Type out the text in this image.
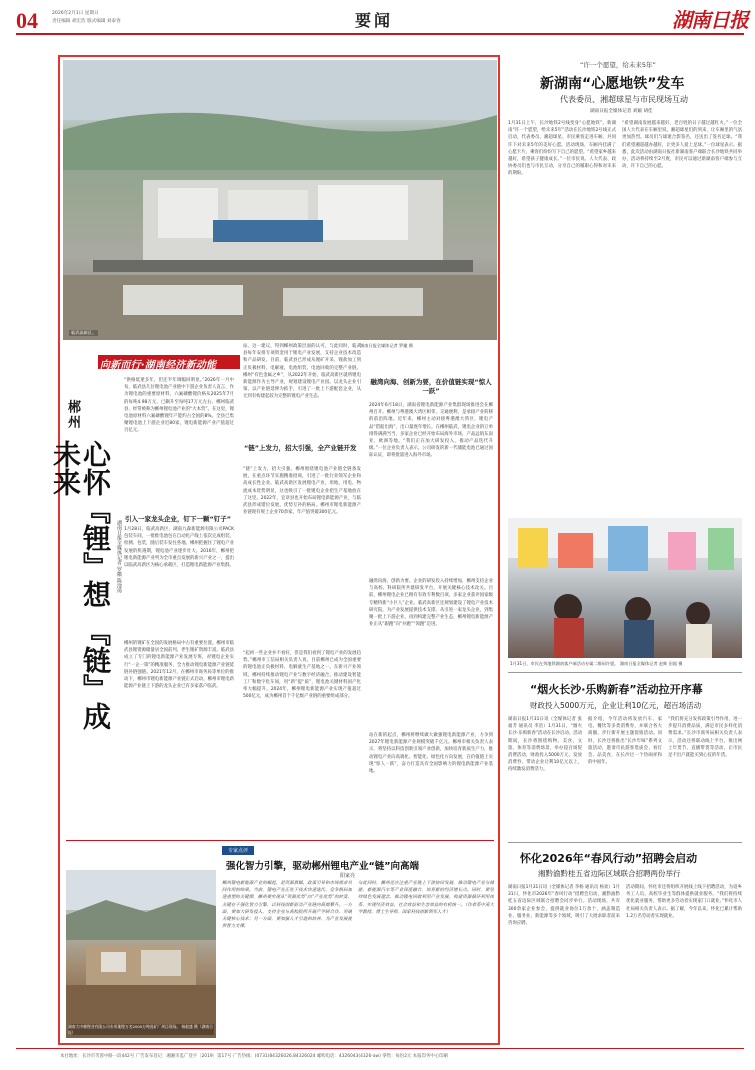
04	2026年2月1日 星期日
责任编辑 胡宏浩 版式编辑 刘泰春	要闻	湖南日报
临武高新区。
湖南日报全媒体记者 罗徽 摄
向新而行·湖南经济新动能
郴州
心怀『锂』想 『链』成未来
湖南日报全媒体记者 罗徽 陈淦璋

“供格低迷多年，但还半年调幅回明显。”2026年一月中旬，临武县几位锂电池产业链中下游企业负责人直言，作为锂电池的重要原材料，六氟磷酸锂价格从2025年7月的每吨4.98万元，已飙升至每吨17万元左右。郴州临武县，经常被称为郴州锂电池产业的“大本营”。在这里，锂电池原材料六氟磷酸锂年产能约占全国的8%。全县已集聚锂电池上下游企业近80家，锂电新能源产业产值超过百亿元。

引入一家龙头企业，钉下一颗“钉子”

1月28日，临武高新区，湖南九森新能源有限公司PACK包装车间，一批批电池包在自动化产线上依次完成组装、检测、包装，随后装车发往各地。郴州把握住了锂电产业发展的机遇期，锂电池产业逐步壮大。2016年，郴州把锂电新能源产业列为全市重点发展的新兴产业之一，提出以临武高新区为核心承载区，打造锂电新能源产业集群。

郴州的锂矿在全国的发展格局中占有重要位置。郴州市临武县锂资源储量居全国前列，伴生锂矿资源丰富。临武县成立了专门的锂电新能源产业发展专班，对锂电企业实行“一企一策”的精准服务，全力推动锂电新能源产业链延链补链强链。2021年12月，在郴州市商务局等单位的推动下，郴州市锂电新能源产业链正式启动，郴州市锂电新能源产业链上下游的龙头企业已有多家落户临武。

站、这一建议，得到郴州政策层面的认可。与此同时，临武县每年安排专项资金用于锂电产业发展，支持企业技术改造和产品研发。目前，临武县已形成从锂矿开采、锂盐加工到正负极材料、电解液、电池组装、电池回收的完整产业链。郴州“有色金属之乡”，从2022年开始，临武高新区就将锂电新能源作为主导产业，规划建设锂电产业园。以龙头企业引领、以产业链延伸为抓手，引进了一批上下游配套企业，从无到有构建起较为完整的锂电产业生态。

“链”上发力，招大引强，全产业链开发

“链”上发力，招大引强。郴州围绕锂电池产业链全链条发展，在重点环节实施精准招商，引进了一批行业领军企业和高成长性企业。临武高新区发展锂电产业，用地、用电、物流成本优势明显，这也吸引了一批锂电企业把生产基地放在了这里。2022年，宜章县也开始布局锂电新能源产业，与临武县形成错位发展、优势互补的格局。郴州市锂电新能源产业链现有规上企业70余家，年产值突破300亿元。

“起初一些企业并不看好，但是我们看到了锂电产业的发展趋势。”郴州市工信局相关负责人说，目前郴州已成为全国重要的锂电池正负极材料、电解液生产基地之一。在新兴产业领域，郴州持续推动锂电产业与数字经济融合，推动建设智能工厂和数字化车间，用“新”提“质”，锂电池关键材料国产化率大幅提升。2024年，郴州锂电新能源产业实现产值超过500亿元，成为郴州首个千亿级产业链的重要组成部分。

融湾向海、创新为要，在价值链实现“惊人一跃”

2024年6月18日，湖南省锂电新能源产业集群现场推进会在郴州召开。郴州与粤港澳大湾区相邻，交通便利，是承接产业转移的前沿阵地。近年来，郴州主动对接粤港澳大湾区，锂电产品“借船出海”，出口量逐年增长。在郴州临武，锂电企业的订单排得满满当当，多家企业已经开始布局海外市场，产品远销东南亚、欧洲等地。“我们正在加大研发投入，推动产品迭代升级。”一位企业负责人表示，公司研发的新一代储能电池已通过国际认证，即将批量进入海外市场。

融湾向海，创新为要。企业的研发投入持续增加，郴州支持企业与高校、科研院所共建研发平台，开展关键核心技术攻关。目前，郴州锂电企业已拥有有效专利数百项，多家企业获评国家级专精特新“小巨人”企业。临武高新区还规划建设了锂电产业技术研究院，为产业发展提供技术支撑。从引进一家龙头企业，到集聚一批上下游企业，再到构建完整产业生态，郴州锂电新能源产业正从“跟跑”向“并跑”“领跑”迈进。

站在新的起点，郴州将继续做大做强锂电新能源产业，力争到2027年锂电新能源产业规模突破千亿元。郴州市相关负责人表示，将坚持以科技创新引领产业创新，加快培育新质生产力，推动锂电产业向高端化、智能化、绿色化方向发展，在价值链上实现“惊人一跃”，奋力打造具有全国影响力的锂电新能源产业基地。

湖南大中赫锂业有限公司专项地锂万名2000万吨选矿厂项目现场。 杨毅盛 摄（湖南日报）
专家点评
强化智力引擎，驱动郴州锂电产业“链”向高端
阳家亮

郴州锂电新能源产业的崛起，是资源禀赋、政策引导和市场需求共同作用的结果。当前，锂电产业正处于技术快速迭代、竞争格局加速重塑的关键期，郴州要实现从“资源优势”向“产业优势”的转变，关键在于强化智力引擎，以科技创新驱动产业链向高端攀升。一方面，要加大研发投入，支持企业与高校院所开展产学研合作，突破关键核心技术；另一方面，要加强人才引进和培养，为产业发展提供智力支撑。

与此同时，郴州还应注重产业链上下游协同发展，推动锂电产业与储能、新能源汽车等产业深度融合，培育新的经济增长点。同时，要坚持绿色发展理念，推动锂电回收利用产业发展，构建资源循环利用体系，实现经济效益、社会效益和生态效益的有机统一。（作者系中南大学教授、博士生导师，国家科技创新领军人才）

“许一个愿望，给未来5年”
新湖南“心愿地铁”发车
代表委员、湘超球星与市民现场互动
湖南日报全媒体记者 刘颖 胡佳

1月31日上午，长沙地铁2号线变身“心愿地铁”。新湖南“许一个愿望，给未来5年”活动在长沙地铁2号线正式启动，代表委员、湘超球星、市民乘客走进车厢，共同许下对未来5年的美好心愿。活动现场，车厢内挂满了心愿卡片，乘客们纷纷写下自己的愿望。“希望家乡越来越好，希望孩子健康成长。”一位市民说。人大代表、政协委员们也与市民互动，分享自己的履职心得和对未来的期盼。

“希望湖南发展越来越好，老百姓的日子越过越红火。”一位全国人大代表在车厢里说。湘超球星们的到来，让车厢里的气氛更加热烈。球员们与球迷合影签名，还送出了签名足球。“我们希望湘超越办越好，让更多人爱上足球。”一位球星表示。据悉，此次活动由湖南日报社新湖南客户端联合长沙地铁共同举办，活动将持续至2月底，市民可以通过新湖南客户端参与互动，许下自己的心愿。

1月31日，市民在列地铁湖南客户端活动专属二维码许愿。 湖南日报全媒体记者 赵帅 田超 摄
“烟火长沙·乐购新春”活动拉开序幕
财政投入5000万元，企业让利10亿元，超百场活动

湖南日报1月31日讯（全媒体记者 张福芳 通讯员 李浩）1月31日，“烟火长沙·乐购新春”活动在长沙启动。活动期间，长沙将围绕购物、美食、文旅、体育等消费场景，举办超百场促消费活动，财政投入5000万元，发放消费券，带动企业让利10亿元以上，持续激发消费活力。

据介绍，今年活动将发放汽车、家电、餐饮等多类消费券，并联合各大商圈、步行街开展主题促销活动。同时，长沙还将推出“长沙年味”系列文旅活动，邀请市民游客逛庙会、看灯会、品美食，在长沙过一个热闹祥和的中国年。

“我们将充分发挥政策引导作用，进一步提升消费品质，满足市民多样化消费需求。”长沙市商务局相关负责人表示，活动还将联动线上平台，推出网上年货节、直播带货等活动，让市民足不出户就能买到心仪的年货。

怀化2026年“春风行动”招聘会启动
湘黔渝黔桂五省边际区域联合招聘两份举行

湖南日报1月31日讯（全媒体记者 李杨 通讯员 杨欢）1月31日，怀化市2026年“春风行动”招聘会启动，湘黔渝黔桂五省边际区域联合招聘会同步举行。活动现场，共有300余家企业参会，提供就业岗位1万余个，涵盖制造业、服务业、新能源等多个领域，吸引了大批求职者前来咨询应聘。

活动期间，怀化市还将组织开展线上线下招聘活动，为返乡务工人员、高校毕业生等群体提供就业服务。“我们将持续优化就业服务，帮助更多劳动者实现家门口就业。”怀化市人社局相关负责人表示。据了解，今年以来，怀化已累计帮助1.2万名劳动者实现就业。

本社地址：长沙市芙蓉中路一段442号 广告发布登记：湘湘市监广登字〔2019〕第17号 广告热线：(0731)84326026,84326024 邮购电话：4326043(4326-aw) 零售：每份2元 本报印务中心印刷
